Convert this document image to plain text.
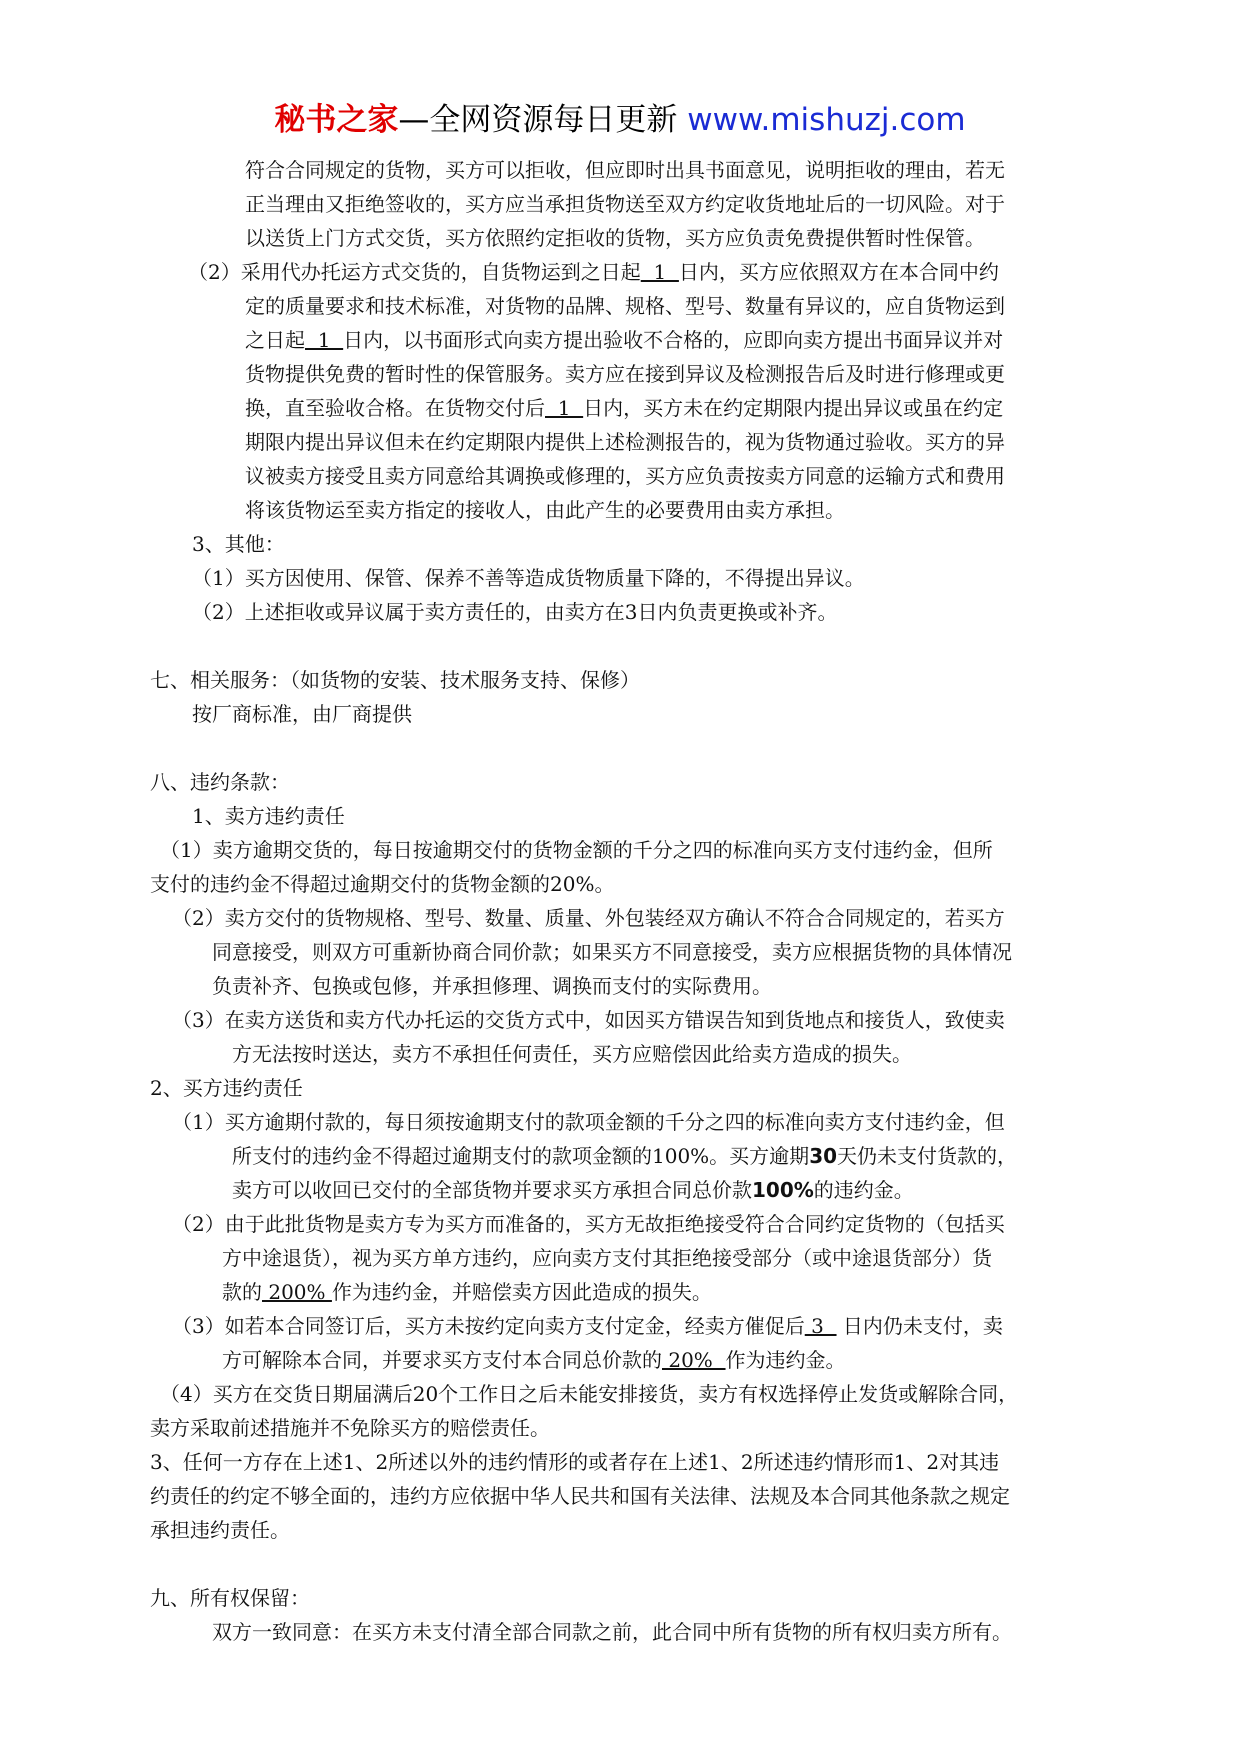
秘书之家—全网资源每日更新 www.mishuzj.com
符合合同规定的货物，买方可以拒收，但应即时出具书面意见，说明拒收的理由，若无
正当理由又拒绝签收的，买方应当承担货物送至双方约定收货地址后的一切风险。对于
以送货上门方式交货，买方依照约定拒收的货物，买方应负责免费提供暂时性保管。
（2）采用代办托运方式交货的，自货物运到之日起  1  日内，买方应依照双方在本合同中约
定的质量要求和技术标准，对货物的品牌、规格、型号、数量有异议的，应自货物运到
之日起  1  日内，以书面形式向卖方提出验收不合格的，应即向卖方提出书面异议并对
货物提供免费的暂时性的保管服务。卖方应在接到异议及检测报告后及时进行修理或更
换，直至验收合格。在货物交付后  1  日内，买方未在约定期限内提出异议或虽在约定
期限内提出异议但未在约定期限内提供上述检测报告的，视为货物通过验收。买方的异
议被卖方接受且卖方同意给其调换或修理的，买方应负责按卖方同意的运输方式和费用
将该货物运至卖方指定的接收人，由此产生的必要费用由卖方承担。
3、其他：
（1）买方因使用、保管、保养不善等造成货物质量下降的，不得提出异议。
（2）上述拒收或异议属于卖方责任的，由卖方在3日内负责更换或补齐。
七、相关服务：（如货物的安装、技术服务支持、保修）
按厂商标准，由厂商提供
八、违约条款：
1、卖方违约责任
（1）卖方逾期交货的，每日按逾期交付的货物金额的千分之四的标准向买方支付违约金，但所
支付的违约金不得超过逾期交付的货物金额的20%。
（2）卖方交付的货物规格、型号、数量、质量、外包装经双方确认不符合合同规定的，若买方
同意接受，则双方可重新协商合同价款；如果买方不同意接受，卖方应根据货物的具体情况
负责补齐、包换或包修，并承担修理、调换而支付的实际费用。
（3）在卖方送货和卖方代办托运的交货方式中，如因买方错误告知到货地点和接货人，致使卖
方无法按时送达，卖方不承担任何责任，买方应赔偿因此给卖方造成的损失。
2、买方违约责任
（1）买方逾期付款的，每日须按逾期支付的款项金额的千分之四的标准向卖方支付违约金，但
所支付的违约金不得超过逾期支付的款项金额的100%。买方逾期30天仍未支付货款的，
卖方可以收回已交付的全部货物并要求买方承担合同总价款100%的违约金。
（2）由于此批货物是卖方专为买方而准备的，买方无故拒绝接受符合合同约定货物的（包括买
方中途退货），视为买方单方违约，应向卖方支付其拒绝接受部分（或中途退货部分）货
款的 200% 作为违约金，并赔偿卖方因此造成的损失。
（3）如若本合同签订后，买方未按约定向卖方支付定金，经卖方催促后 3   日内仍未支付，卖
方可解除本合同，并要求买方支付本合同总价款的 20%  作为违约金。
（4）买方在交货日期届满后20个工作日之后未能安排接货，卖方有权选择停止发货或解除合同，
卖方采取前述措施并不免除买方的赔偿责任。
3、任何一方存在上述1、2所述以外的违约情形的或者存在上述1、2所述违约情形而1、2对其违
约责任的约定不够全面的，违约方应依据中华人民共和国有关法律、法规及本合同其他条款之规定
承担违约责任。
九、所有权保留：
双方一致同意：在买方未支付清全部合同款之前，此合同中所有货物的所有权归卖方所有。
